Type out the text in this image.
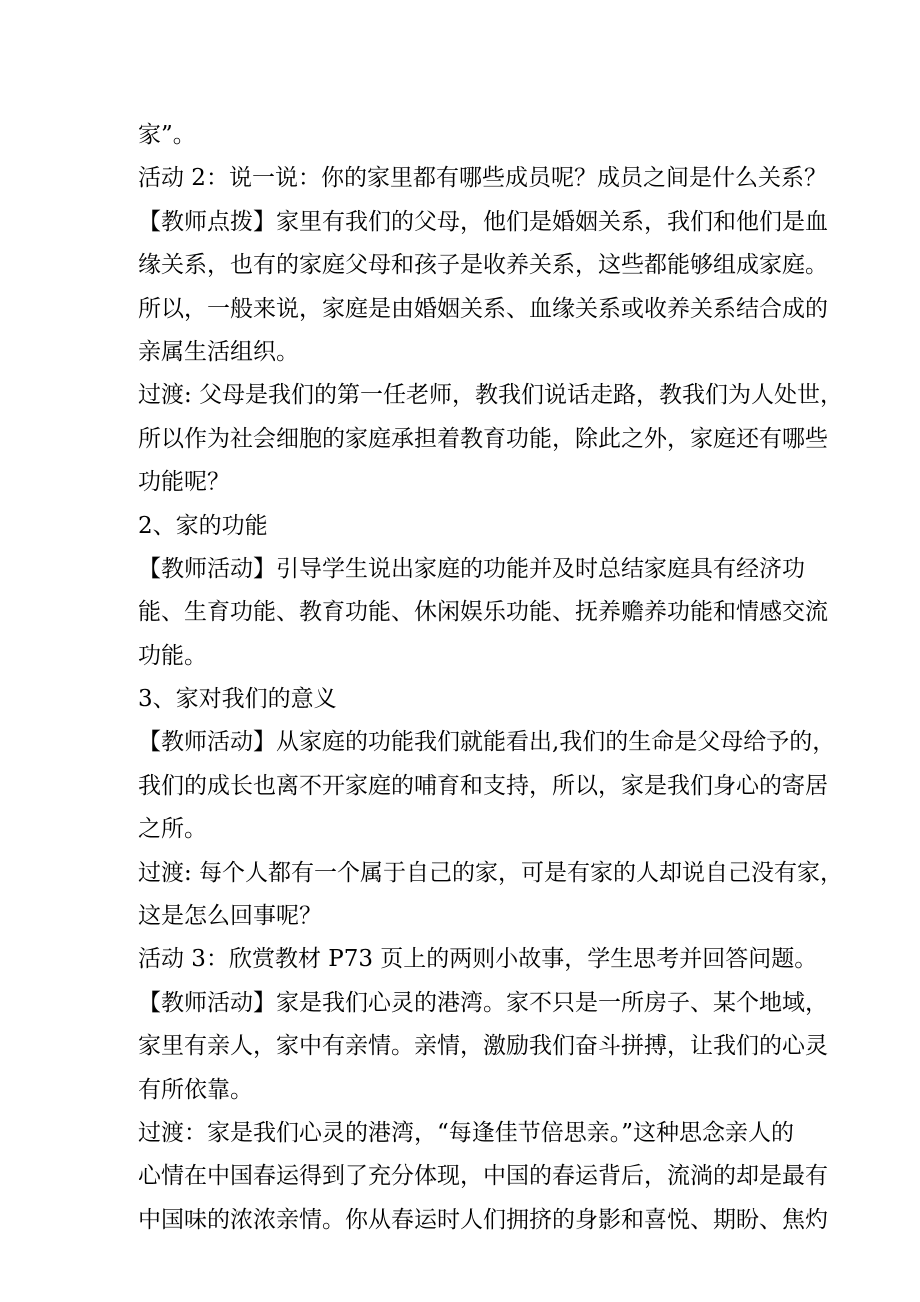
家”。
活动 2：说一说：你的家里都有哪些成员呢？成员之间是什么关系？
【教师点拨】家里有我们的父母，他们是婚姻关系，我们和他们是血
缘关系，也有的家庭父母和孩子是收养关系，这些都能够组成家庭。
所以，一般来说，家庭是由婚姻关系、血缘关系或收养关系结合成的
亲属生活组织。
过渡: 父母是我们的第一任老师，教我们说话走路，教我们为人处世，
所以作为社会细胞的家庭承担着教育功能，除此之外，家庭还有哪些
功能呢？
2、家的功能
【教师活动】引导学生说出家庭的功能并及时总结家庭具有经济功
能、生育功能、教育功能、休闲娱乐功能、抚养赡养功能和情感交流
功能。
3、家对我们的意义
【教师活动】从家庭的功能我们就能看出,我们的生命是父母给予的，
我们的成长也离不开家庭的哺育和支持，所以，家是我们身心的寄居
之所。
过渡: 每个人都有一个属于自己的家，可是有家的人却说自己没有家，
这是怎么回事呢？
活动 3：欣赏教材 P73 页上的两则小故事，学生思考并回答问题。
【教师活动】家是我们心灵的港湾。家不只是一所房子、某个地域，
家里有亲人，家中有亲情。亲情，激励我们奋斗拼搏，让我们的心灵
有所依靠。
过渡：家是我们心灵的港湾，“每逢佳节倍思亲。”这种思念亲人的
心情在中国春运得到了充分体现，中国的春运背后，流淌的却是最有
中国味的浓浓亲情。你从春运时人们拥挤的身影和喜悦、期盼、焦灼
